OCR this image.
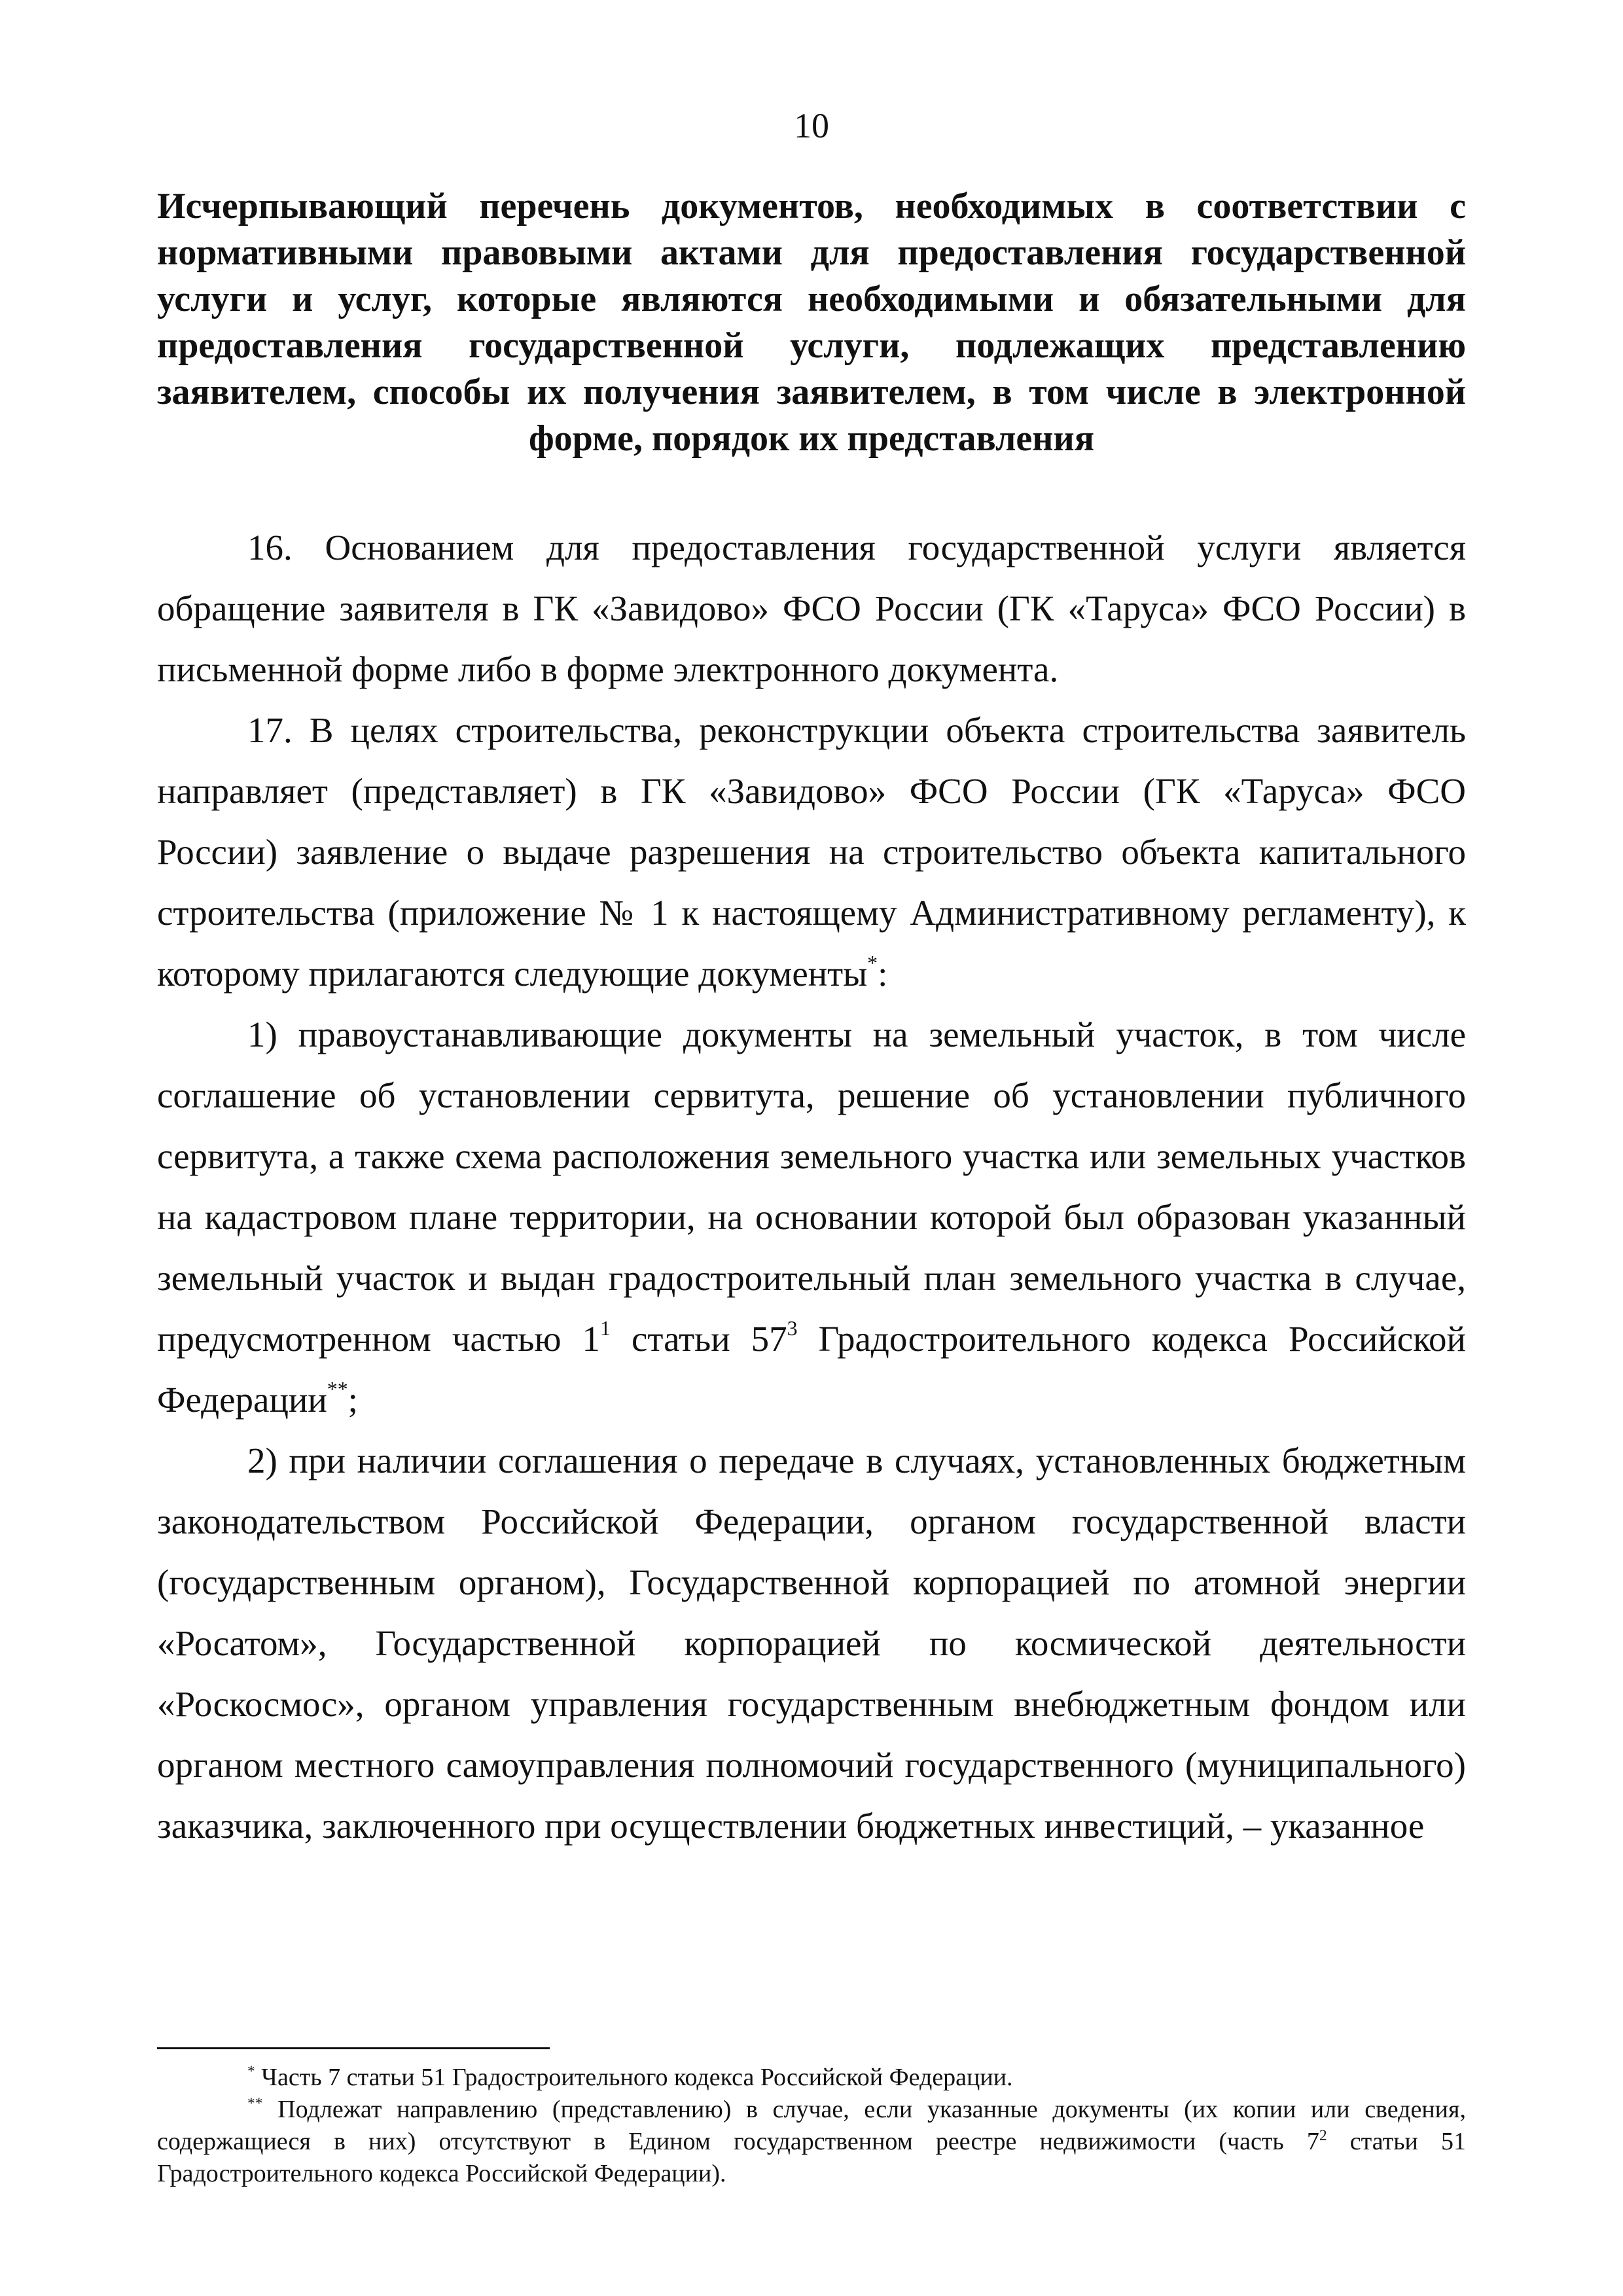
10
Исчерпывающий перечень документов, необходимых в соответствии с нормативными правовыми актами для предоставления государственной услуги и услуг, которые являются необходимыми и обязательными для предоставления государственной услуги, подлежащих представлению заявителем, способы их получения заявителем, в том числе в электронной форме, порядок их представления

16. Основанием для предоставления государственной услуги является обращение заявителя в ГК «Завидово» ФСО России (ГК «Таруса» ФСО России) в письменной форме либо в форме электронного документа.

17. В целях строительства, реконструкции объекта строительства заявитель направляет (представляет) в ГК «Завидово» ФСО России (ГК «Таруса» ФСО России) заявление о выдаче разрешения на строительство объекта капитального строительства (приложение № 1 к настоящему Административному регламенту), к которому прилагаются следующие документы*:

1) правоустанавливающие документы на земельный участок, в том числе соглашение об установлении сервитута, решение об установлении публичного сервитута, а также схема расположения земельного участка или земельных участков на кадастровом плане территории, на основании которой был образован указанный земельный участок и выдан градостроительный план земельного участка в случае, предусмотренном частью $1^1$ статьи $57^3$ Градостроительного кодекса Российской Федерации**;

2) при наличии соглашения о передаче в случаях, установленных бюджетным законодательством Российской Федерации, органом государственной власти (государственным органом), Государственной корпорацией по атомной энергии «Росатом», Государственной корпорацией по космической деятельности «Роскосмос», органом управления государственным внебюджетным фондом или органом местного самоуправления полномочий государственного (муниципального) заказчика, заключенного при осуществлении бюджетных инвестиций, – указанное

* Часть 7 статьи 51 Градостроительного кодекса Российской Федерации.

** Подлежат направлению (представлению) в случае, если указанные документы (их копии или сведения, содержащиеся в них) отсутствуют в Едином государственном реестре недвижимости (часть $7^2$ статьи 51 Градостроительного кодекса Российской Федерации).
